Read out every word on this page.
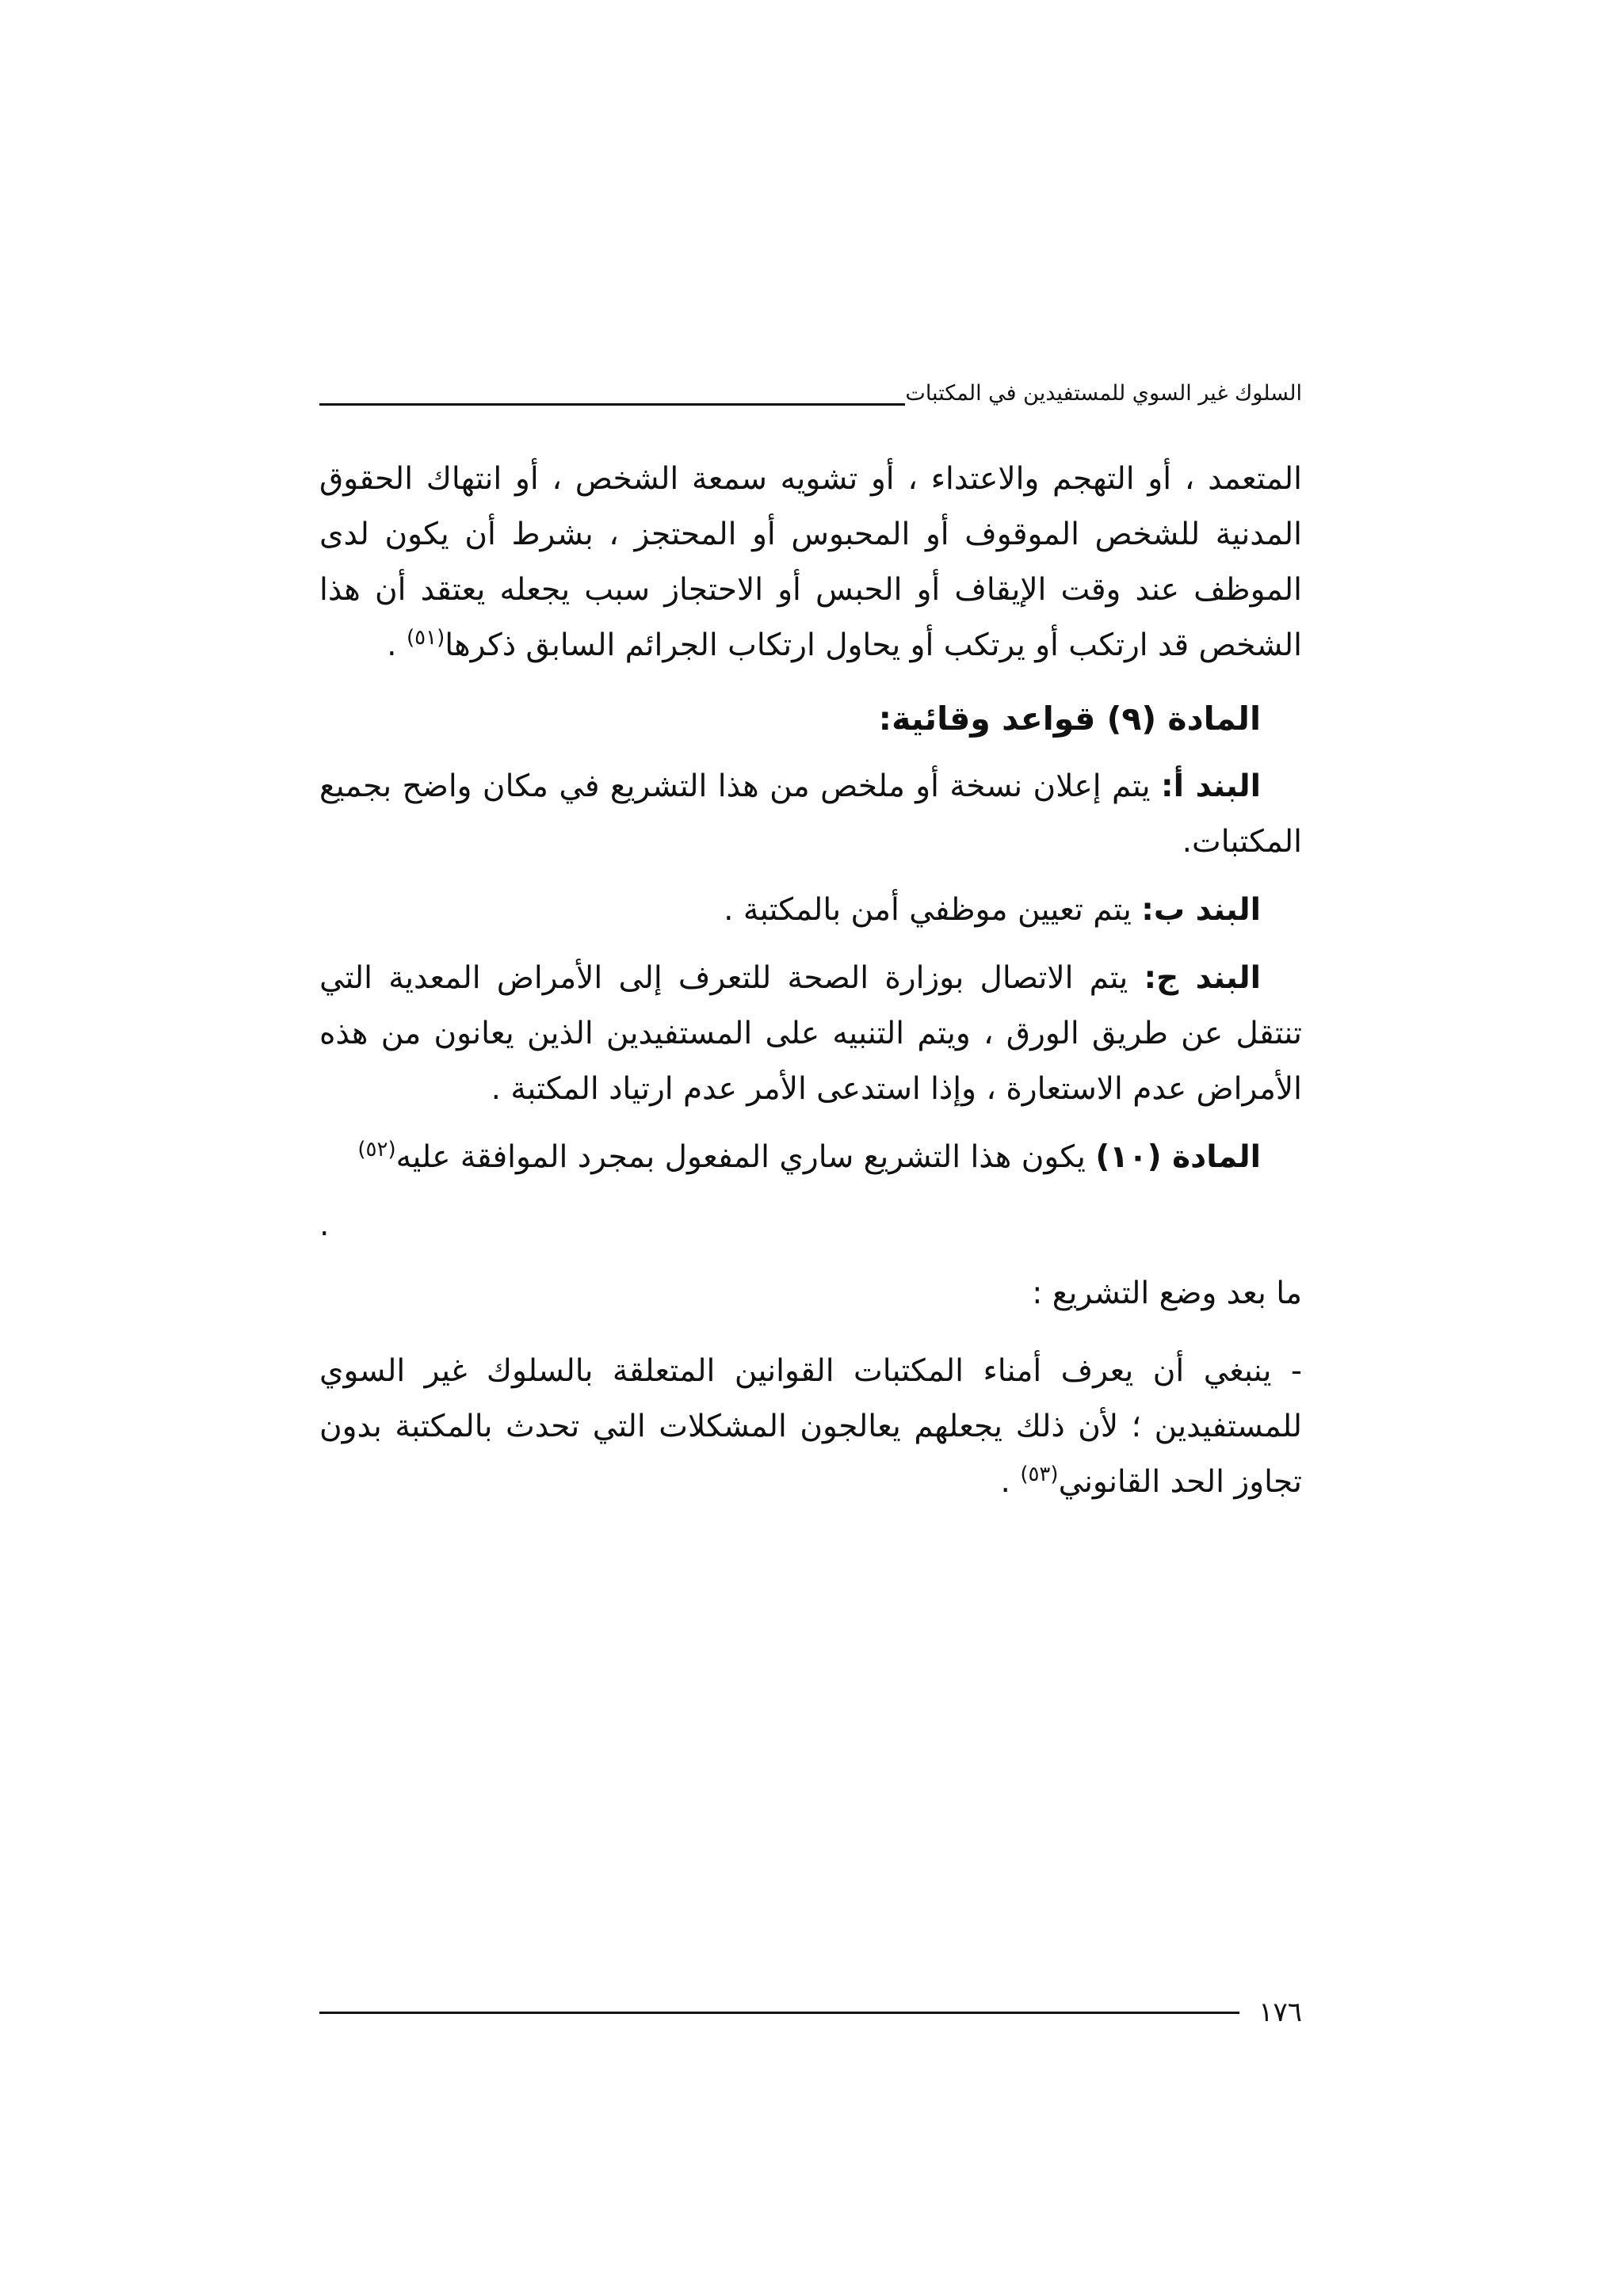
السلوك غير السوي للمستفيدين في المكتبات

المتعمد ، أو التهجم والاعتداء ، أو تشويه سمعة الشخص ، أو انتهاك الحقوق المدنية للشخص الموقوف أو المحبوس أو المحتجز ، بشرط أن يكون لدى الموظف عند وقت الإيقاف أو الحبس أو الاحتجاز سبب يجعله يعتقد أن هذا الشخص قد ارتكب أو يرتكب أو يحاول ارتكاب الجرائم السابق ذكرها$^{(٥١)}$ .

المادة (٩) قواعد وقائية:

البند أ: يتم إعلان نسخة أو ملخص من هذا التشريع في مكان واضح بجميع المكتبات.

البند ب: يتم تعيين موظفي أمن بالمكتبة .

البند ج: يتم الاتصال بوزارة الصحة للتعرف إلى الأمراض المعدية التي تنتقل عن طريق الورق ، ويتم التنبيه على المستفيدين الذين يعانون من هذه الأمراض عدم الاستعارة ، وإذا استدعى الأمر عدم ارتياد المكتبة .

المادة (١٠) يكون هذا التشريع ساري المفعول بمجرد الموافقة عليه$^{(٥٢)}$

.

ما بعد وضع التشريع :

- ينبغي أن يعرف أمناء المكتبات القوانين المتعلقة بالسلوك غير السوي للمستفيدين ؛ لأن ذلك يجعلهم يعالجون المشكلات التي تحدث بالمكتبة بدون تجاوز الحد القانوني$^{(٥٣)}$ .

١٧٦
